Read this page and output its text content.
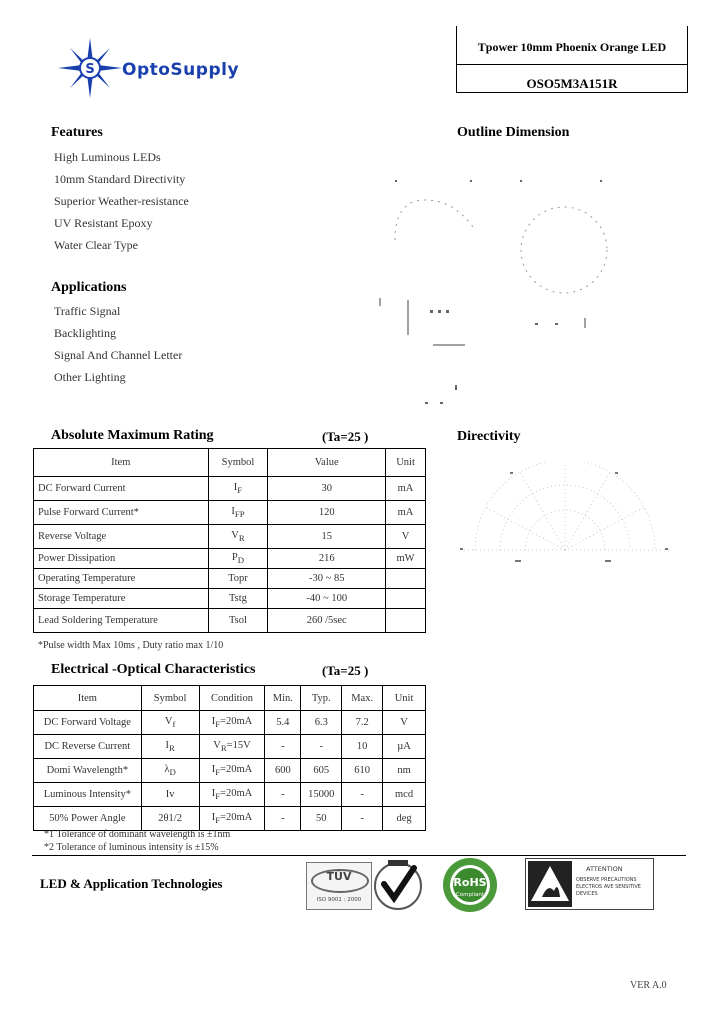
S OptoSupply
Tpower 10mm Phoenix Orange LED
OSO5M3A151R
Features
High Luminous LEDs
10mm Standard Directivity
Superior Weather-resistance
UV Resistant Epoxy
Water Clear Type
Applications
Traffic Signal
Backlighting
Signal And Channel Letter
Other Lighting
Outline Dimension
Directivity
Absolute Maximum Rating	(Ta=25 )
Item	Symbol	Value	Unit
DC Forward Current	$I_F$	30	mA
Pulse Forward Current*	$I_{FP}$	120	mA
Reverse Voltage	$V_R$	15	V
Power Dissipation	$P_D$	216	mW
Operating Temperature	Topr	-30 ~ 85	
Storage Temperature	Tstg	-40 ~ 100	
Lead Soldering Temperature	Tsol	260 /5sec	
*Pulse width Max 10ms , Duty ratio max 1/10
Electrical -Optical Characteristics	(Ta=25 )
Item	Symbol	Condition	Min.	Typ.	Max.	Unit
DC Forward Voltage	$V_f$	$I_F=20mA$	5.4	6.3	7.2	V
DC Reverse Current	$I_R$	$V_R=15V$	-	-	10	µA
Domi Wavelength*	$\lambda_D$	$I_F=20mA$	600	605	610	nm
Luminous Intensity*	Iv	$I_F=20mA$	-	15000	-	mcd
50% Power Angle	2θ1/2	$I_F=20mA$	-	50	-	deg
*1 Tolerance of dominant wavelength is ±1nm
*2 Tolerance of luminous intensity is ±15%
LED & Application Technologies	TÜV
ISO 9001 : 2000
RoHS
Compliant
ATTENTION
OBSERVE PRECAUTIONS ELECTROS AVE SENSITIVE DEVICES
VER A.0
